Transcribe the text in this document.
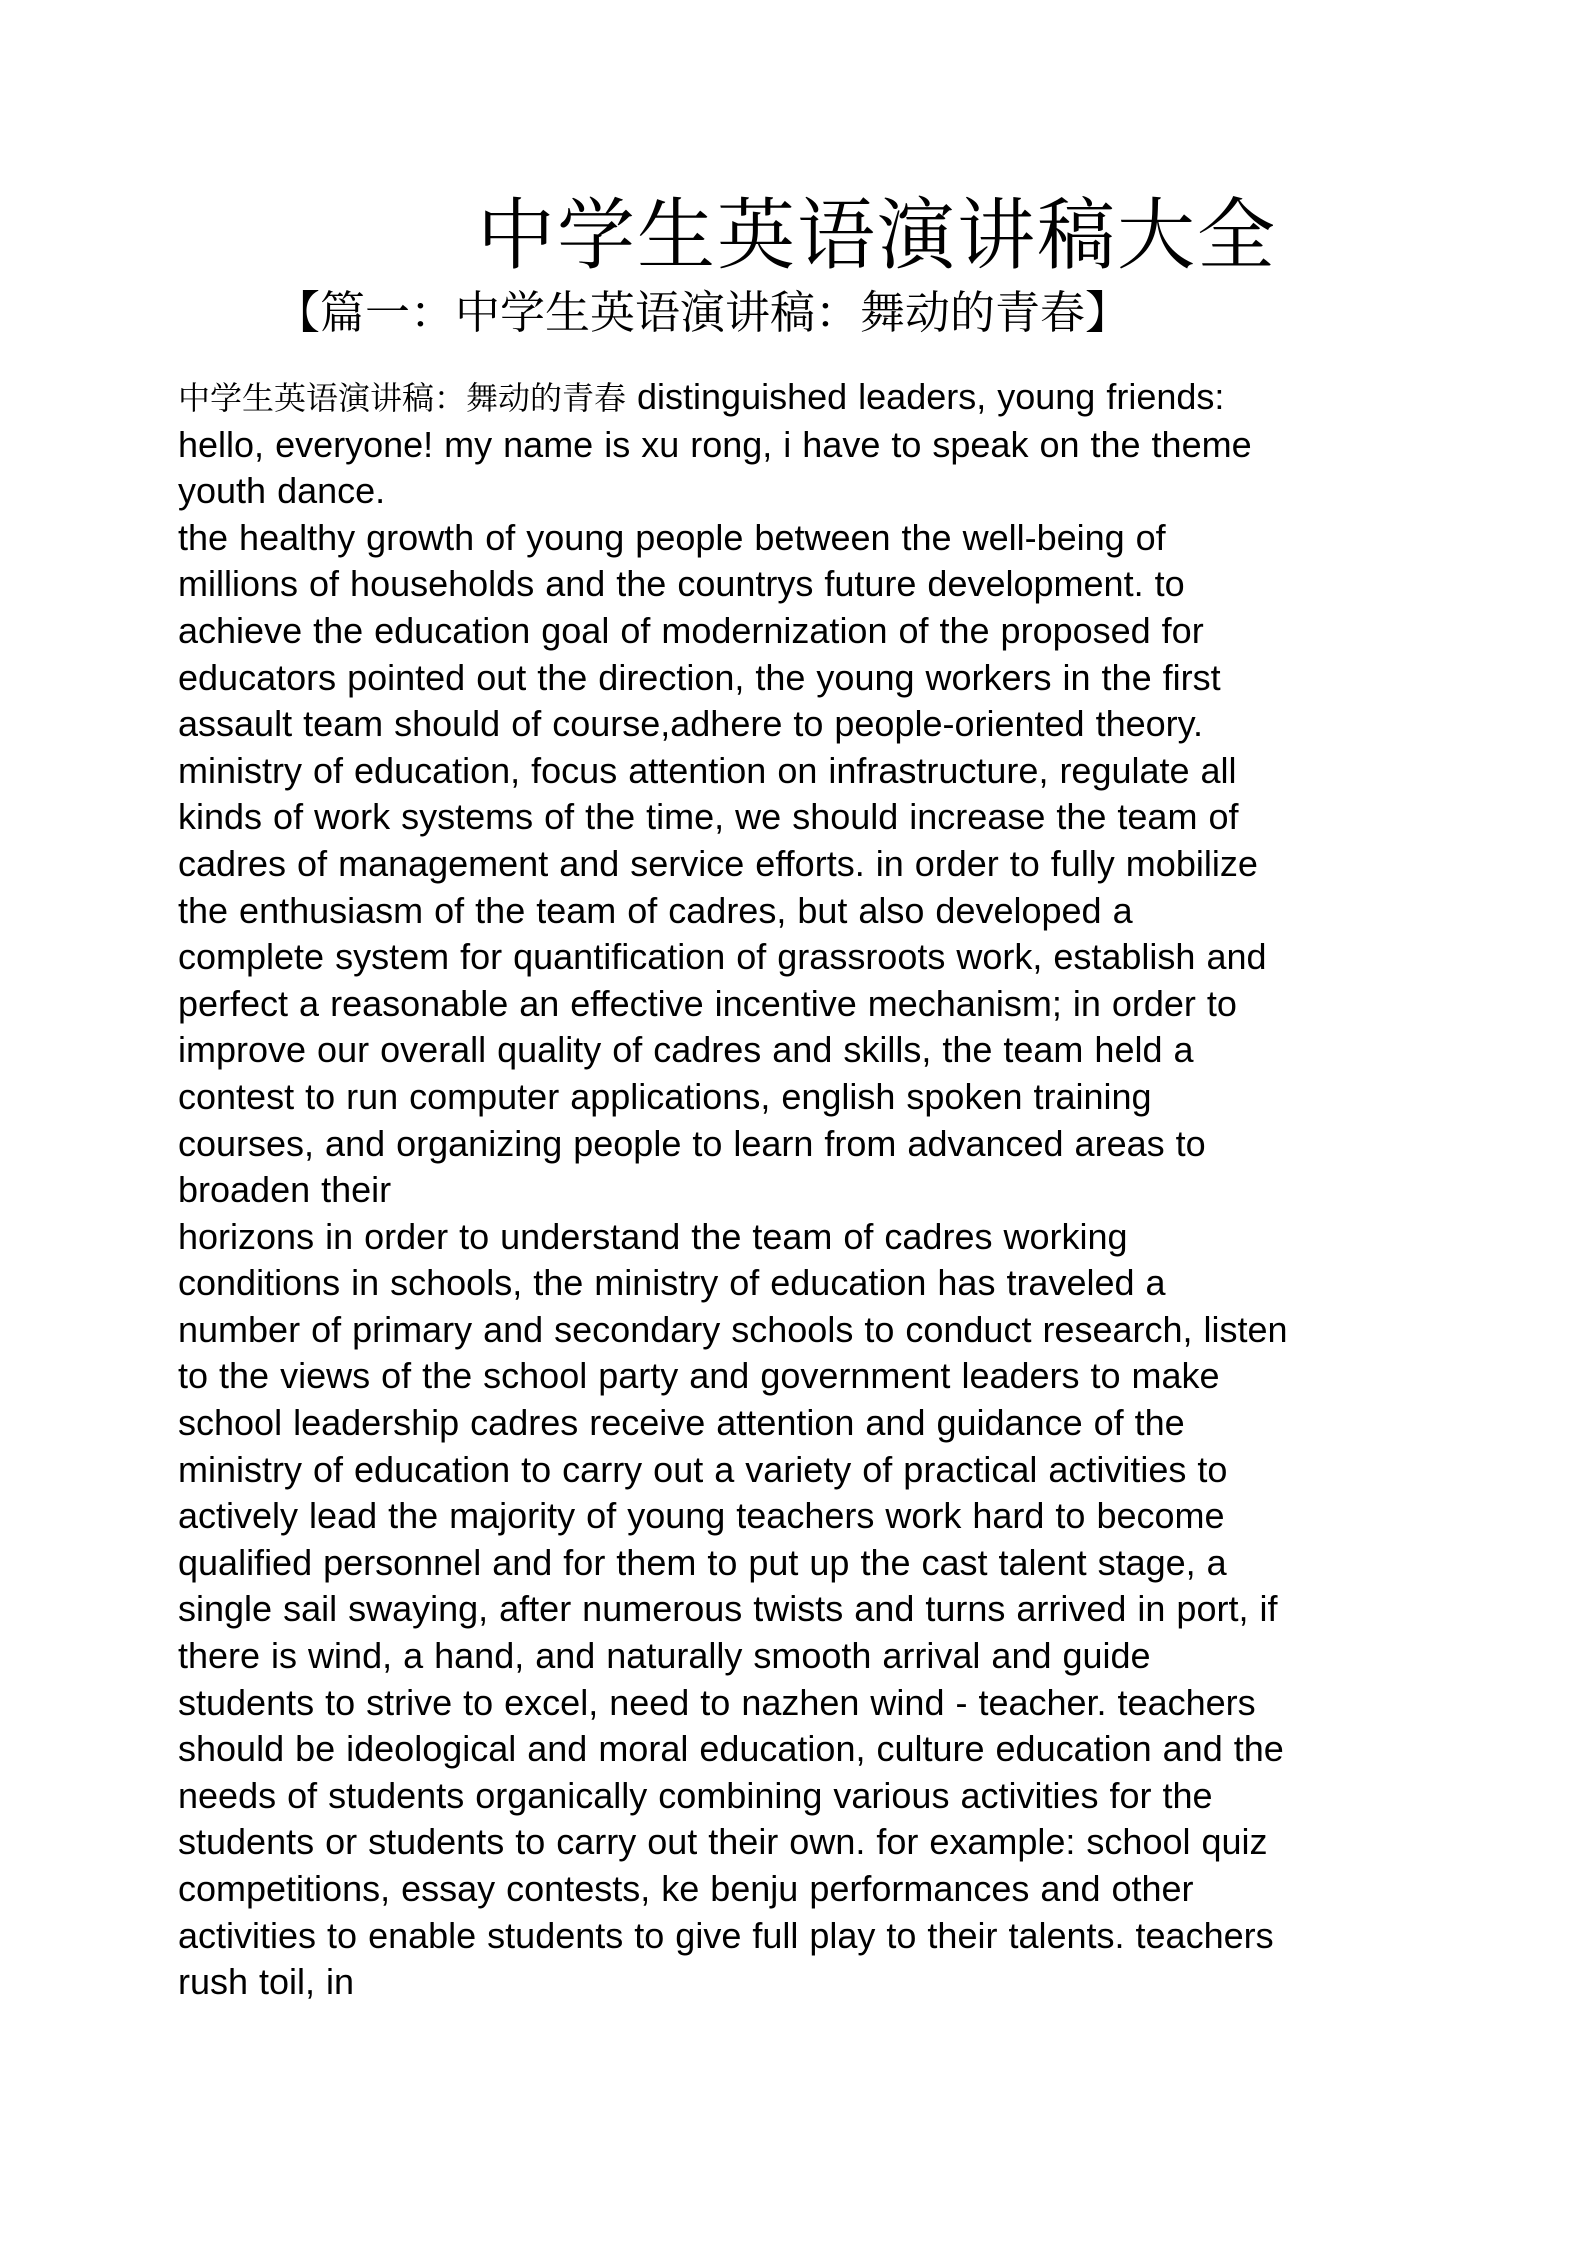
中学生英语演讲稿大全
【篇一：中学生英语演讲稿：舞动的青春】

中学生英语演讲稿：舞动的青春 distinguished leaders, young friends: hello, everyone! my name is xu rong, i have to speak on the theme youth dance.

the healthy growth of young people between the well-being of millions of households and the countrys future development. to achieve the education goal of modernization of the proposed for educators pointed out the direction, the young workers in the first assault team should of course,adhere to people-oriented theory. ministry of education, focus attention on infrastructure, regulate all kinds of work systems of the time, we should increase the team of cadres of management and service efforts. in order to fully mobilize the enthusiasm of the team of cadres, but also developed a complete system for quantification of grassroots work, establish and perfect a reasonable an effective incentive mechanism; in order to improve our overall quality of cadres and skills, the team held a contest to run computer applications, english spoken training courses, and organizing people to learn from advanced areas to broaden their

horizons in order to understand the team of cadres working conditions in schools, the ministry of education has traveled a number of primary and secondary schools to conduct research, listen to the views of the school party and government leaders to make school leadership cadres receive attention and guidance of the ministry of education to carry out a variety of practical activities to actively lead the majority of young teachers work hard to become qualified personnel and for them to put up the cast talent stage, a single sail swaying, after numerous twists and turns arrived in port, if there is wind, a hand, and naturally smooth arrival and guide students to strive to excel, need to nazhen wind - teacher. teachers should be ideological and moral education, culture education and the needs of students organically combining various activities for the students or students to carry out their own. for example: school quiz competitions, essay contests, ke benju performances and other activities to enable students to give full play to their talents. teachers rush toil, in
